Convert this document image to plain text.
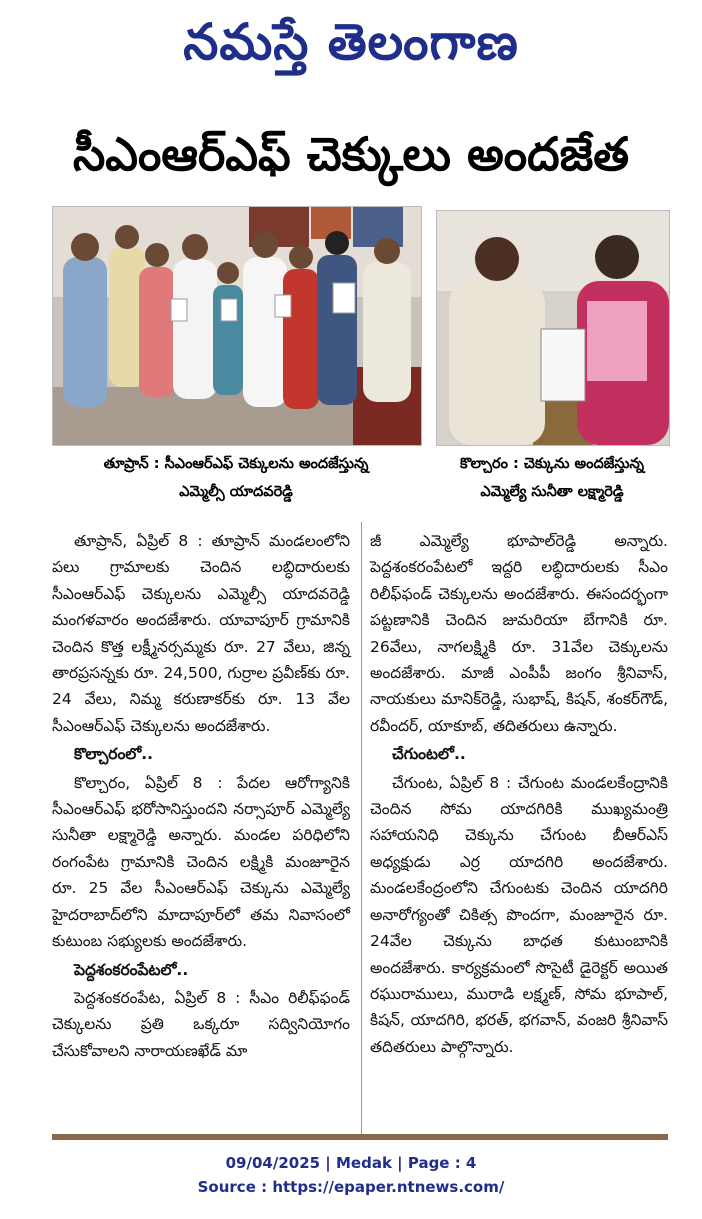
నమస్తే తెలంగాణ
సీఎంఆర్ఎఫ్ చెక్కులు అందజేత
తూప్రాన్ : సీఎంఆర్ఎఫ్ చెక్కులను అందజేస్తున్న
ఎమ్మెల్సీ యాదవరెడ్డి
కొల్చారం : చెక్కును అందజేస్తున్న
ఎమ్మెల్యే సునీతా లక్ష్మారెడ్డి

తూప్రాన్, ఏప్రిల్ 8 : తూప్రాన్ మండలంలోని పలు గ్రామాలకు చెందిన లబ్ధిదారులకు సీఎంఆర్ఎఫ్ చెక్కులను ఎమ్మెల్సీ యాదవరెడ్డి మంగళవారం అందజేశారు. యావాపూర్ గ్రామానికి చెందిన కొత్త లక్ష్మీనర్సమ్మకు రూ. 27 వేలు, జిన్న తారప్రసన్నకు రూ. 24,500, గుర్రాల ప్రవీణ్‌కు రూ. 24 వేలు, నిమ్మ కరుణాకర్‌కు రూ. 13 వేల సీఎంఆర్ఎఫ్ చెక్కులను అందజేశారు.

కొల్చారంలో..

కొల్చారం, ఏప్రిల్ 8 : పేదల ఆరోగ్యానికి సీఎంఆర్ఎఫ్ భరోసానిస్తుందని నర్సాపూర్ ఎమ్మెల్యే సునీతా లక్ష్మారెడ్డి అన్నారు. మండల పరిధిలోని రంగంపేట గ్రామానికి చెందిన లక్ష్మికి మంజూరైన రూ. 25 వేల సీఎంఆర్ఎఫ్ చెక్కును ఎమ్మెల్యే హైదరాబాద్‌లోని మాదాపూర్‌లో తమ నివాసంలో కుటుంబ సభ్యులకు అందజేశారు.

పెద్దశంకరంపేటలో..

పెద్దశంకరంపేట, ఏప్రిల్ 8 : సీఎం రిలీఫ్‌ఫండ్ చెక్కులను ప్రతి ఒక్కరూ సద్వినియోగం చేసుకోవాలని నారాయణఖేడ్ మా

జీ ఎమ్మెల్యే భూపాల్‌రెడ్డి అన్నారు. పెద్దశంకరంపేటలో ఇద్దరి లబ్ధిదారులకు సీఎం రిలీఫ్‌ఫండ్ చెక్కులను అందజేశారు. ఈసందర్భంగా పట్టణానికి చెందిన జుమరియా బేగానికి రూ. 26వేలు, నాగలక్ష్మికి రూ. 31వేల చెక్కులను అందజేశారు. మాజీ ఎంపీపీ జంగం శ్రీనివాస్, నాయకులు మానిక్‌రెడ్డి, సుభాష్, కిషన్, శంకర్‌గౌడ్, రవీందర్, యాకూబ్, తదితరులు ఉన్నారు.

చేగుంటలో..

చేగుంట, ఏప్రిల్ 8 : చేగుంట మండలకేంద్రానికి చెందిన సోమ యాదగిరికి ముఖ్యమంత్రి సహాయనిధి చెక్కును చేగుంట బీఆర్ఎస్ అధ్యక్షుడు ఎర్ర యాదగిరి అందజేశారు. మండలకేంద్రంలోని చేగుంటకు చెందిన యాదగిరి అనారోగ్యంతో చికిత్స పొందగా, మంజూరైన రూ. 24వేల చెక్కును బాధత కుటుంబానికి అందజేశారు. కార్యక్రమంలో సొసైటీ డైరెక్టర్ అయిత రఘురాములు, మురాడి లక్ష్మణ్, సోమ భూపాల్, కిషన్, యాదగిరి, భరత్, భగవాన్, వంజరి శ్రీనివాస్ తదితరులు పాల్గొన్నారు.

09/04/2025 | Medak | Page : 4
Source : https://epaper.ntnews.com/
